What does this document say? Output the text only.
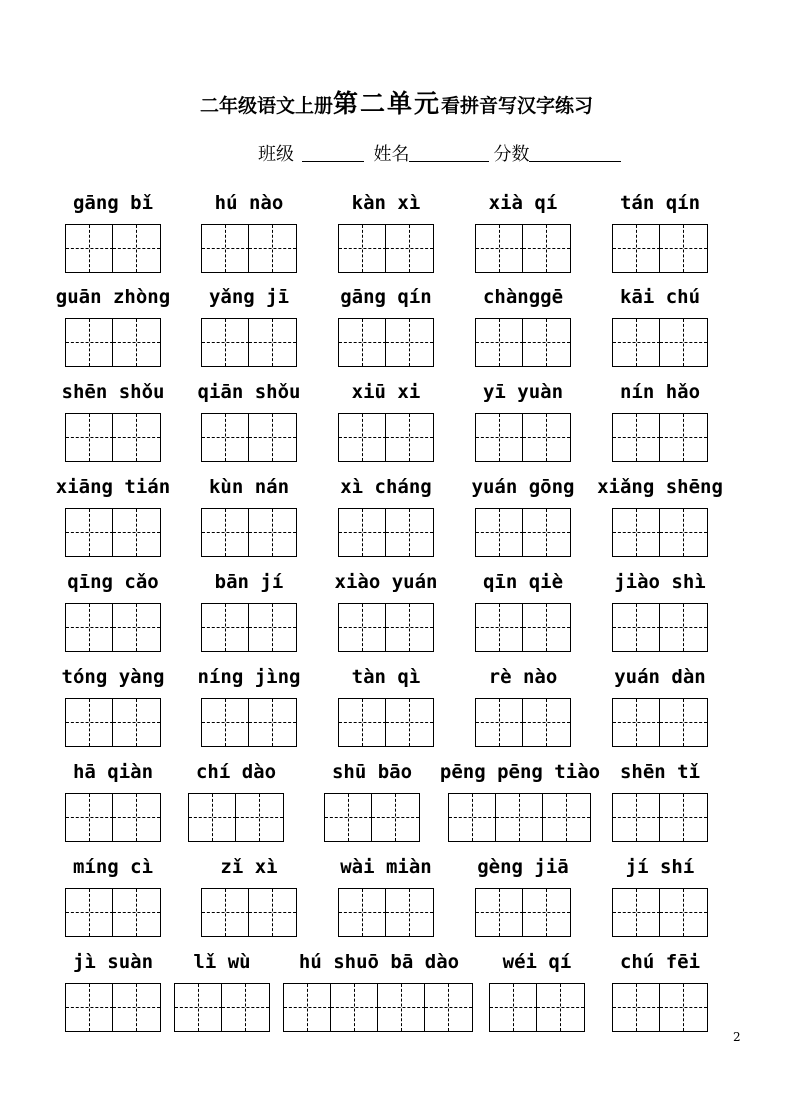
二年级语文上册第二单元看拼音写汉字练习
班级	姓名	分数
gāng bǐ	hú nào	kàn xì	xià qí	tán qín
guān zhòng	yǎng jī	gāng qín	chànggē	kāi chú
shēn shǒu	qiān shǒu	xiū xi	yī yuàn	nín hǎo
xiāng tián	kùn nán	xì cháng	yuán gōng	xiǎng shēng
qīng cǎo	bān jí	xiào yuán	qīn qiè	jiào shì
tóng yàng	níng jìng	tàn qì	rè nào	yuán dàn
hā qiàn	chí dào	shū bāo	pēng pēng tiào	shēn tǐ
míng cì	zǐ xì	wài miàn	gèng jiā	jí shí
jì suàn	lǐ wù	hú shuō bā dào	wéi qí	chú fēi
2
